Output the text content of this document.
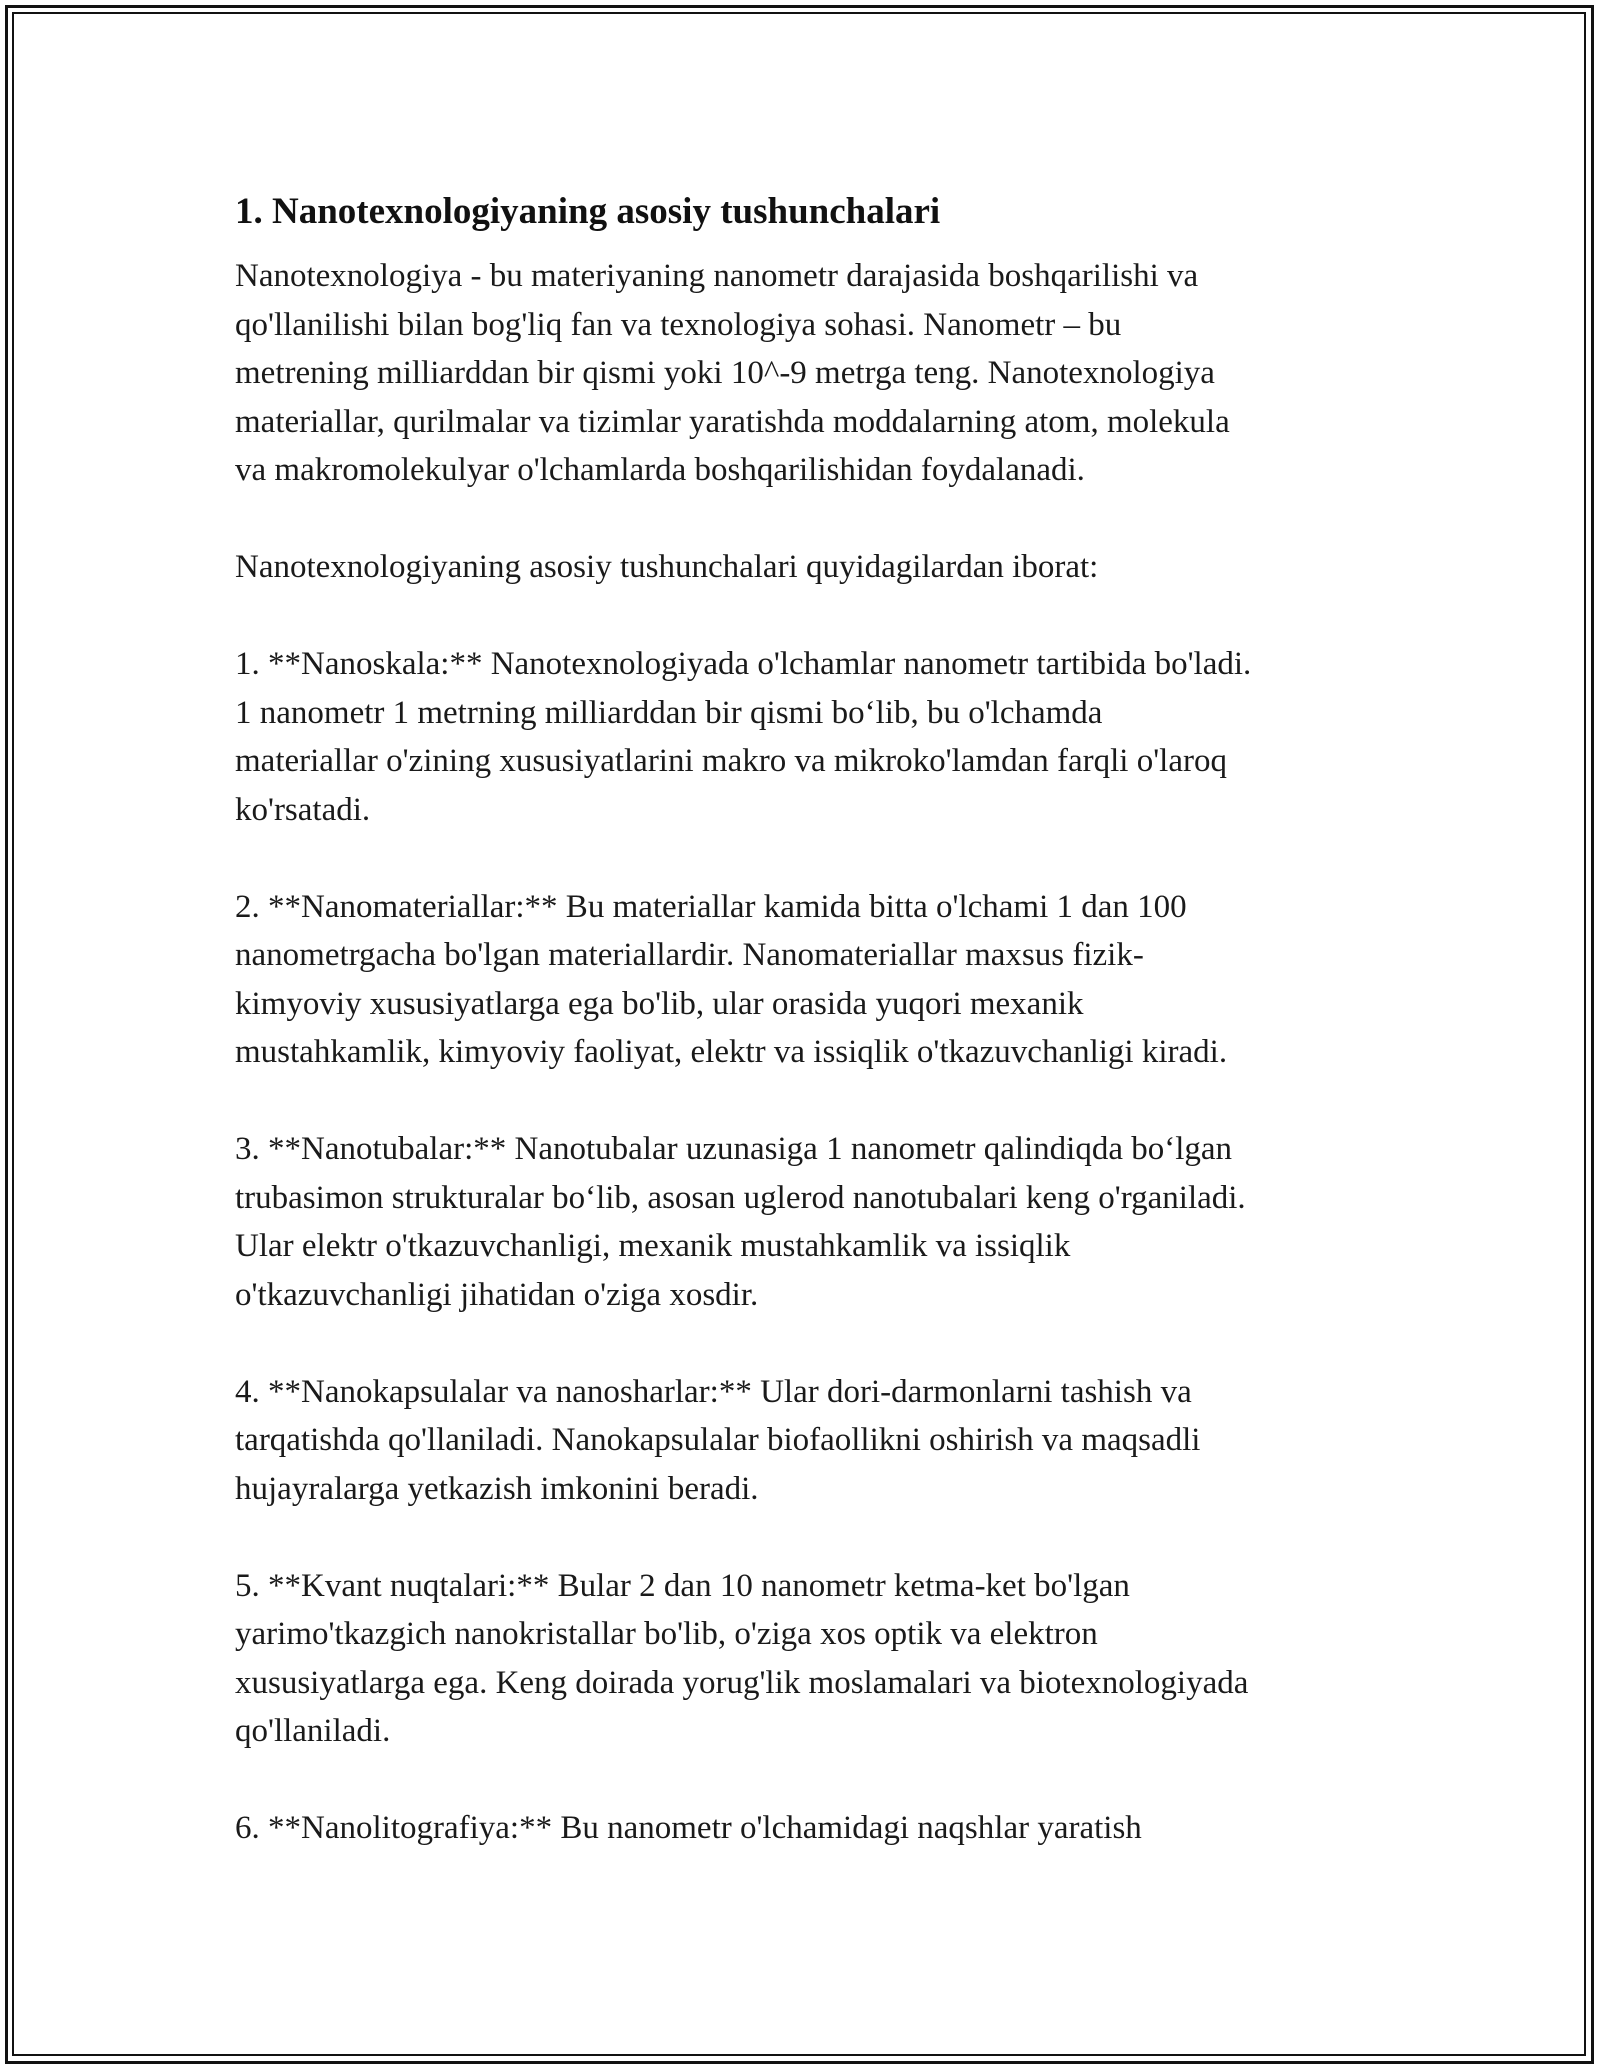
1. Nanotexnologiyaning asosiy tushunchalari
Nanotexnologiya - bu materiyaning nanometr darajasida boshqarilishi va
qo'llanilishi bilan bog'liq fan va texnologiya sohasi. Nanometr – bu
metrening milliarddan bir qismi yoki 10^-9 metrga teng. Nanotexnologiya
materiallar, qurilmalar va tizimlar yaratishda moddalarning atom, molekula
va makromolekulyar o'lchamlarda boshqarilishidan foydalanadi.
Nanotexnologiyaning asosiy tushunchalari quyidagilardan iborat:
1. **Nanoskala:** Nanotexnologiyada o'lchamlar nanometr tartibida bo'ladi.
1 nanometr 1 metrning milliarddan bir qismi bo‘lib, bu o'lchamda
materiallar o'zining xususiyatlarini makro va mikroko'lamdan farqli o'laroq
ko'rsatadi.
2. **Nanomateriallar:** Bu materiallar kamida bitta o'lchami 1 dan 100
nanometrgacha bo'lgan materiallardir. Nanomateriallar maxsus fizik-
kimyoviy xususiyatlarga ega bo'lib, ular orasida yuqori mexanik
mustahkamlik, kimyoviy faoliyat, elektr va issiqlik o'tkazuvchanligi kiradi.
3. **Nanotubalar:** Nanotubalar uzunasiga 1 nanometr qalindiqda bo‘lgan
trubasimon strukturalar bo‘lib, asosan uglerod nanotubalari keng o'rganiladi.
Ular elektr o'tkazuvchanligi, mexanik mustahkamlik va issiqlik
o'tkazuvchanligi jihatidan o'ziga xosdir.
4. **Nanokapsulalar va nanosharlar:** Ular dori-darmonlarni tashish va
tarqatishda qo'llaniladi. Nanokapsulalar biofaollikni oshirish va maqsadli
hujayralarga yetkazish imkonini beradi.
5. **Kvant nuqtalari:** Bular 2 dan 10 nanometr ketma-ket bo'lgan
yarimo'tkazgich nanokristallar bo'lib, o'ziga xos optik va elektron
xususiyatlarga ega. Keng doirada yorug'lik moslamalari va biotexnologiyada
qo'llaniladi.
6. **Nanolitografiya:** Bu nanometr o'lchamidagi naqshlar yaratish
